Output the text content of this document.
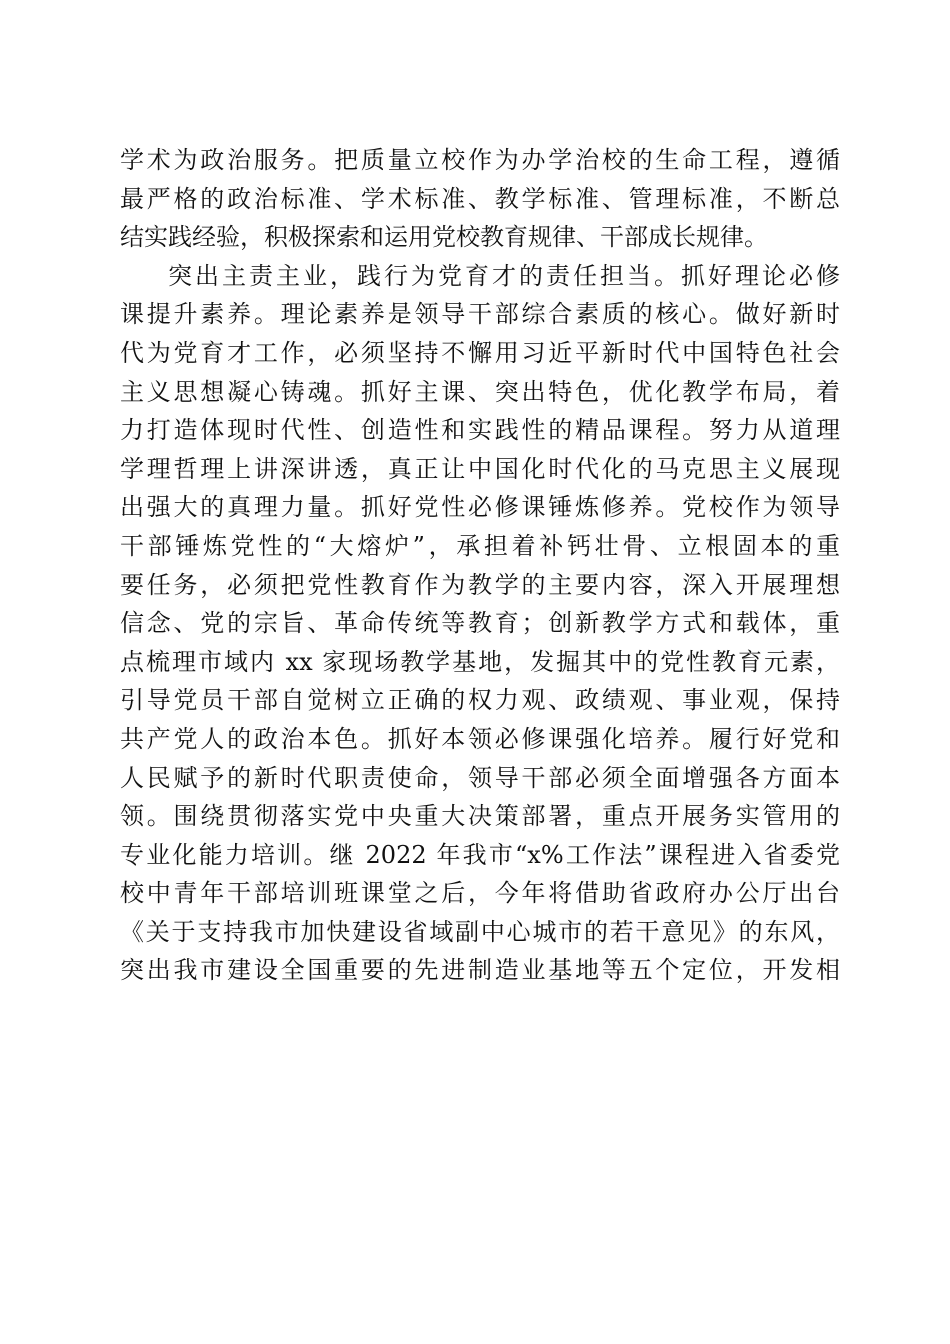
学术为政治服务。把质量立校作为办学治校的生命工程，遵循
最严格的政治标准、学术标准、教学标准、管理标准，不断总
结实践经验，积极探索和运用党校教育规律、干部成长规律。
突出主责主业，践行为党育才的责任担当。抓好理论必修
课提升素养。理论素养是领导干部综合素质的核心。做好新时
代为党育才工作，必须坚持不懈用习近平新时代中国特色社会
主义思想凝心铸魂。抓好主课、突出特色，优化教学布局，着
力打造体现时代性、创造性和实践性的精品课程。努力从道理
学理哲理上讲深讲透，真正让中国化时代化的马克思主义展现
出强大的真理力量。抓好党性必修课锤炼修养。党校作为领导
干部锤炼党性的“大熔炉”，承担着补钙壮骨、立根固本的重
要任务，必须把党性教育作为教学的主要内容，深入开展理想
信念、党的宗旨、革命传统等教育；创新教学方式和载体，重
点梳理市域内 xx 家现场教学基地，发掘其中的党性教育元素，
引导党员干部自觉树立正确的权力观、政绩观、事业观，保持
共产党人的政治本色。抓好本领必修课强化培养。履行好党和
人民赋予的新时代职责使命，领导干部必须全面增强各方面本
领。围绕贯彻落实党中央重大决策部署，重点开展务实管用的
专业化能力培训。继 2022 年我市“x%工作法”课程进入省委党
校中青年干部培训班课堂之后，今年将借助省政府办公厅出台
《关于支持我市加快建设省域副中心城市的若干意见》的东风，
突出我市建设全国重要的先进制造业基地等五个定位，开发相
